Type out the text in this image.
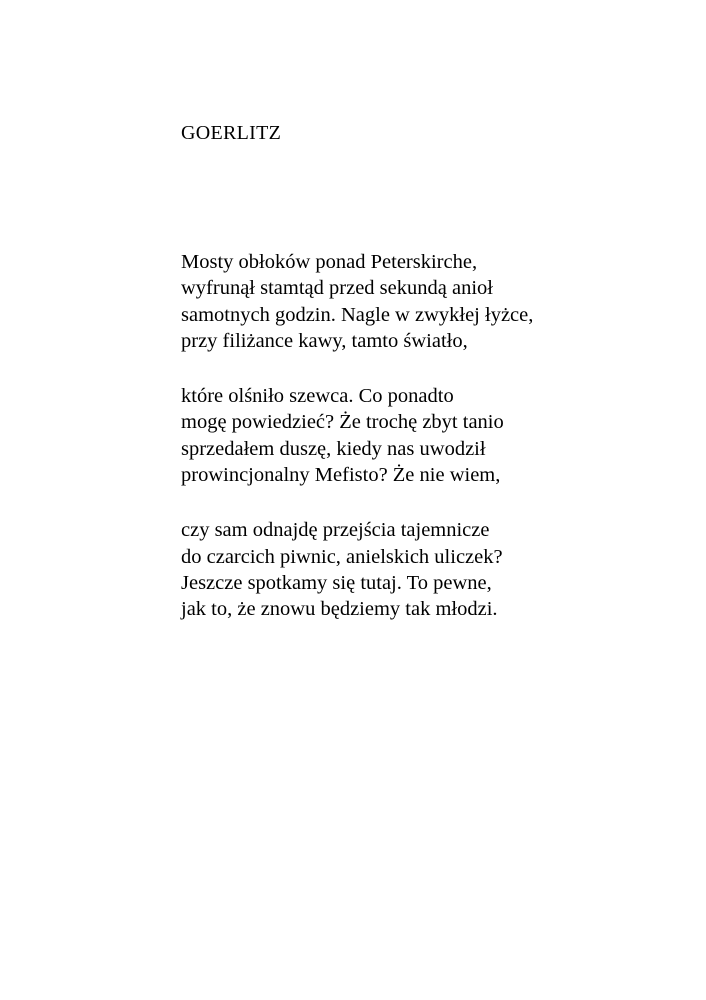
GOERLITZ
Mosty obłoków ponad Peterskirche,
wyfrunął stamtąd przed sekundą anioł
samotnych godzin. Nagle w zwykłej łyżce,
przy filiżance kawy, tamto światło,
które olśniło szewca. Co ponadto
mogę powiedzieć? Że trochę zbyt tanio
sprzedałem duszę, kiedy nas uwodził
prowincjonalny Mefisto? Że nie wiem,
czy sam odnajdę przejścia tajemnicze
do czarcich piwnic, anielskich uliczek?
Jeszcze spotkamy się tutaj. To pewne,
jak to, że znowu będziemy tak młodzi.
